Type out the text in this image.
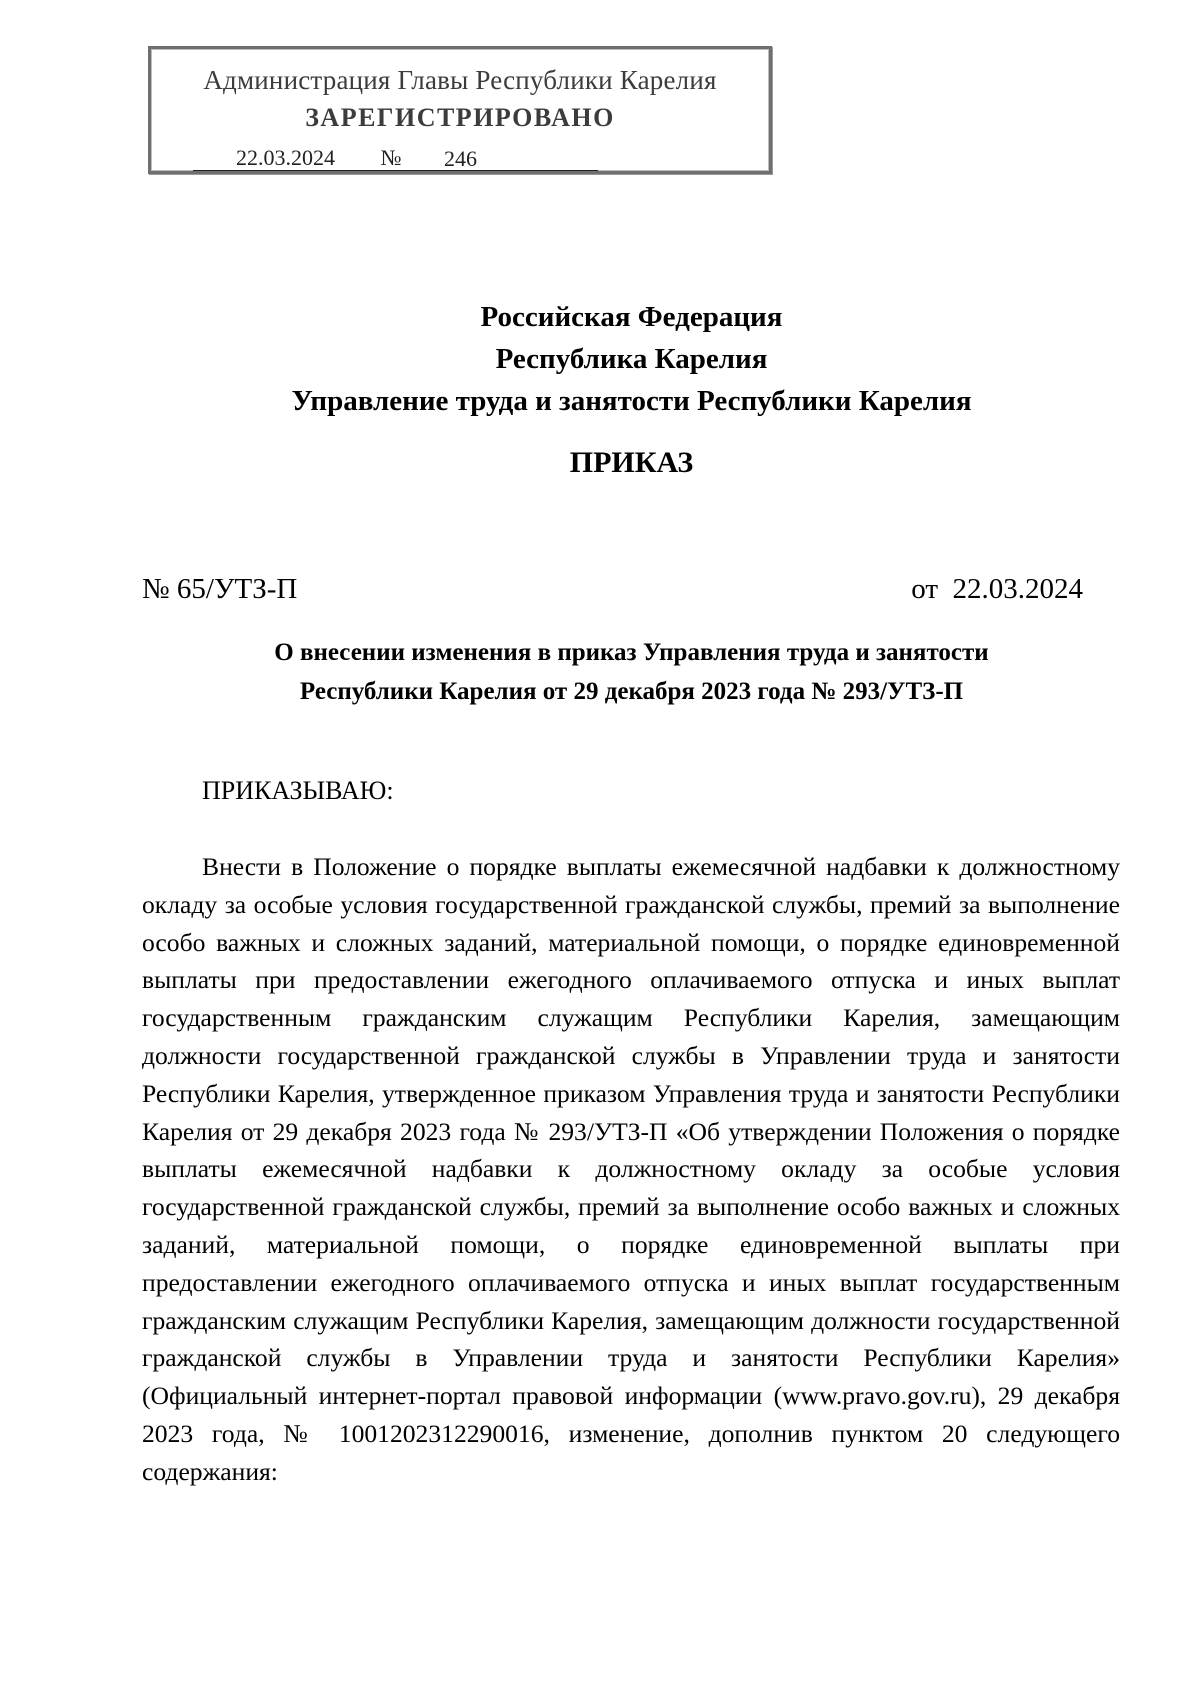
Администрация Главы Республики Карелия
ЗАРЕГИСТРИРОВАНО
22.03.2024 № 246
Российская Федерация
Республика Карелия
Управление труда и занятости Республики Карелия
ПРИКАЗ
№ 65/УТЗ-П	от  22.03.2024
О внесении изменения в приказ Управления труда и занятости
Республики Карелия от 29 декабря 2023 года № 293/УТЗ-П
ПРИКАЗЫВАЮ:

Внести в Положение о порядке выплаты ежемесячной надбавки к должностному окладу за особые условия государственной гражданской службы, премий за выполнение особо важных и сложных заданий, материальной помощи, о порядке единовременной выплаты при предоставлении ежегодного оплачиваемого отпуска и иных выплат государственным гражданским служащим Республики Карелия, замещающим должности государственной гражданской службы в Управлении труда и занятости Республики Карелия, утвержденное приказом Управления труда и занятости Республики Карелия от 29 декабря 2023 года № 293/УТЗ-П «Об утверждении Положения о порядке выплаты ежемесячной надбавки к должностному окладу за особые условия государственной гражданской службы, премий за выполнение особо важных и сложных заданий, материальной помощи, о порядке единовременной выплаты при предоставлении ежегодного оплачиваемого отпуска и иных выплат государственным гражданским служащим Республики Карелия, замещающим должности государственной гражданской службы в Управлении труда и занятости Республики Карелия» (Официальный интернет-портал правовой информации (www.pravo.gov.ru), 29 декабря 2023 года, № 1001202312290016, изменение, дополнив пунктом 20 следующего содержания:
